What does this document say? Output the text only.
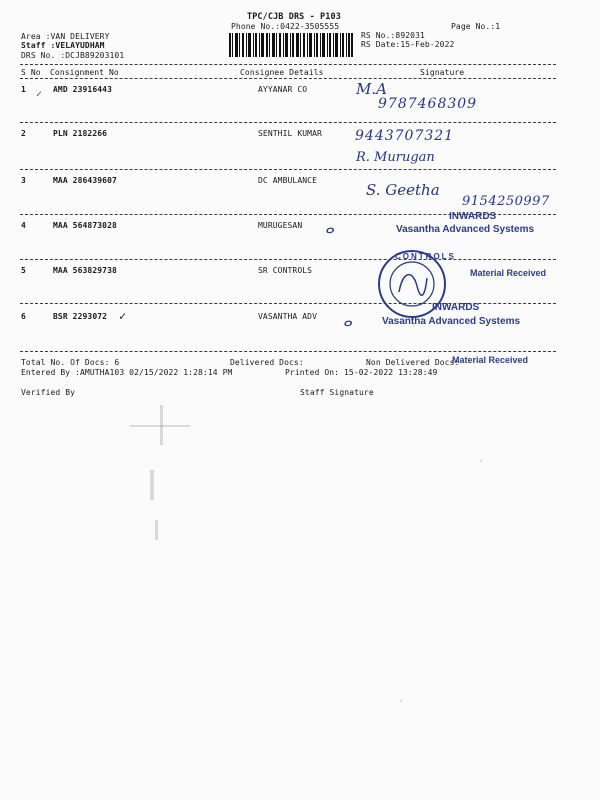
TPC/CJB DRS - P103
Phone No.:0422-3505555	Page No.:1
Area :VAN DELIVERY
Staff :VELAYUDHAM
DRS No. :DCJB89203101
RS No.:892031
RS Date:15-Feb-2022
S No Consignment No	Consignee Details	Signature
1	AMD 23916443	AYYANAR CO
2	PLN 2182266	SENTHIL KUMAR
3	MAA 286439607	DC AMBULANCE
4	MAA 564873028	MURUGESAN
5	MAA 563829738	SR CONTROLS
6	BSR 2293072	VASANTHA ADV
⸝
✓
M.A
9787468309
9443707321
R. Murugan
S. Geetha
9154250997
ⴰ
ⴰ
INWARDS
Vasantha Advanced Systems
Material Received
CONTROLS
INWARDS
Vasantha Advanced Systems
Material Received
Total No. Of Docs: 6	Delivered Docs:	Non Delivered Docs:
Entered By :AMUTHA103 02/15/2022 1:28:14 PM	Printed On: 15-02-2022 13:28:49
Verified By	Staff Signature
